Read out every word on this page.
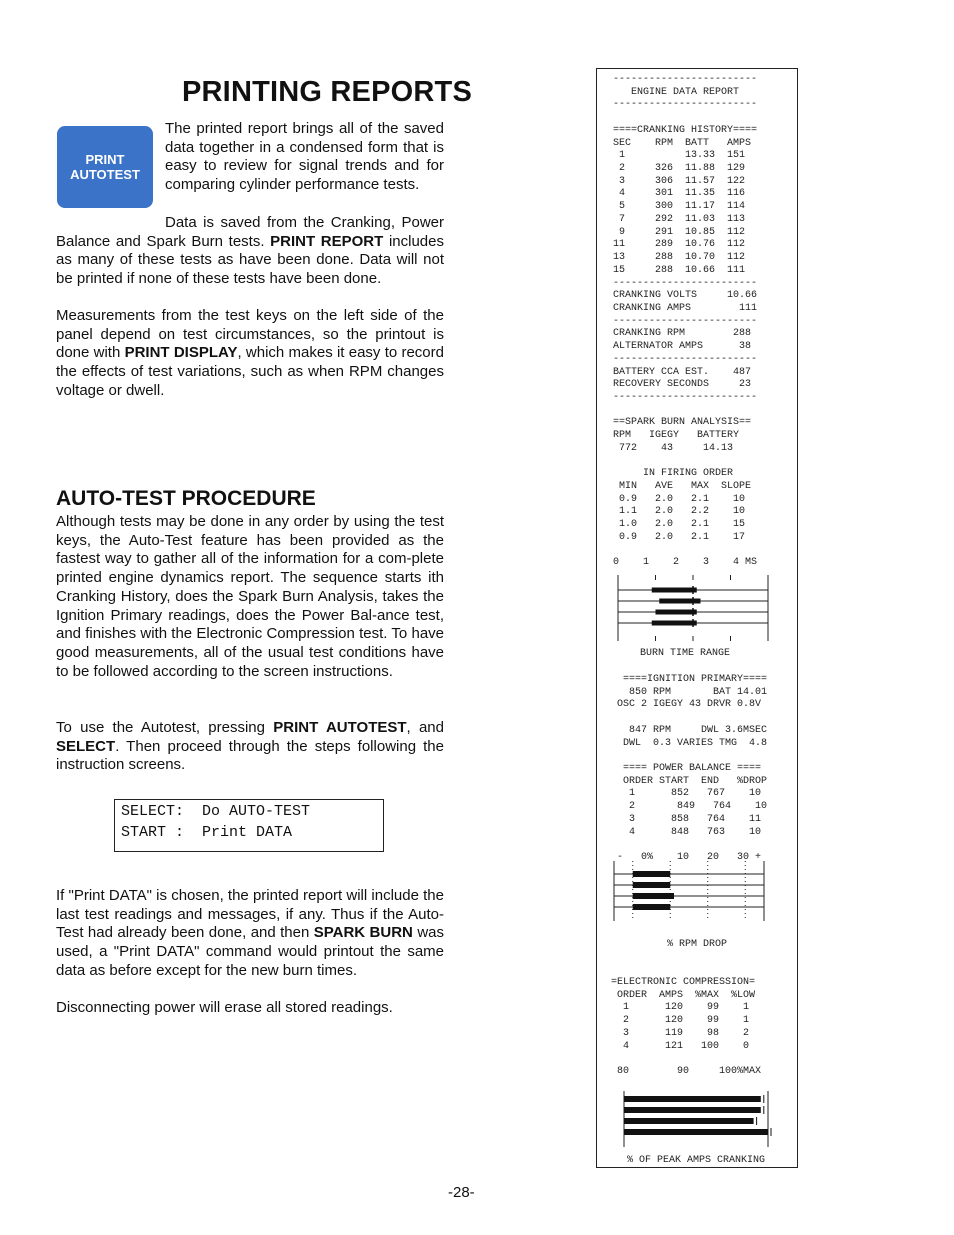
PRINTING REPORTS
PRINT
AUTOTEST

The printed report brings all of the saved data together in a condensed form that is easy to review for signal trends and for comparing cylinder performance tests.

Data is saved from the Cranking, Power Balance and Spark Burn tests. PRINT REPORT includes as many of these tests as have been done. Data will not be printed if none of these tests have been done.

Measurements from the test keys on the left side of the panel depend on test circumstances, so the printout is done with PRINT DISPLAY, which makes it easy to record the effects of test variations, such as when RPM changes voltage or dwell.

AUTO-TEST PROCEDURE

Although tests may be done in any order by using the test keys, the Auto-Test feature has been provided as the fastest way to gather all of the information for a com-plete printed engine dynamics report. The sequence starts ith Cranking History, does the Spark Burn Analysis, takes the Ignition Primary readings, does the Power Bal-ance test, and finishes with the Electronic Compression test. To have good measurements, all of the usual test conditions have to be followed according to the screen instructions.

To use the Autotest, pressing PRINT AUTOTEST, and SELECT. Then proceed through the steps following the instruction screens.

SELECT:  Do AUTO-TEST
START :  Print DATA

If "Print DATA" is chosen, the printed report will include the last test readings and messages, if any. Thus if the Auto-Test had already been done, and then SPARK BURN was used, a "Print DATA" command would printout the same data as before except for the new burn times.

Disconnecting power will erase all stored readings.

-28-
------------------------
ENGINE DATA REPORT
------------------------
====CRANKING HISTORY====
SEC    RPM  BATT   AMPS
1          13.33  151
2     326  11.88  129
3     306  11.57  122
4     301  11.35  116
5     300  11.17  114
7     292  11.03  113
9     291  10.85  112
11     289  10.76  112
13     288  10.70  112
15     288  10.66  111
------------------------
CRANKING VOLTS     10.66
CRANKING AMPS        111
------------------------
CRANKING RPM        288
ALTERNATOR AMPS      38
------------------------
BATTERY CCA EST.    487
RECOVERY SECONDS     23
------------------------
==SPARK BURN ANALYSIS==
RPM   IGEGY   BATTERY
772    43     14.13
IN FIRING ORDER
MIN   AVE   MAX  SLOPE
0.9   2.0   2.1    10
1.1   2.0   2.2    10
1.0   2.0   2.1    15
0.9   2.0   2.1    17
0    1    2    3    4 MS
BURN TIME RANGE
====IGNITION PRIMARY====
850 RPM       BAT 14.01
OSC 2 IGEGY 43 DRVR 0.8V
847 RPM     DWL 3.6MSEC
DWL  0.3 VARIES TMG  4.8
==== POWER BALANCE ====
ORDER START  END   %DROP
1      852   767    10
2       849   764    10
3      858   764    11
4      848   763    10
-   0%    10   20   30 +
% RPM DROP
=ELECTRONIC COMPRESSION=
ORDER  AMPS  %MAX  %LOW
1      120    99    1
2      120    99    1
3      119    98    2
4      121   100    0
80        90     100%MAX
% OF PEAK AMPS CRANKING
